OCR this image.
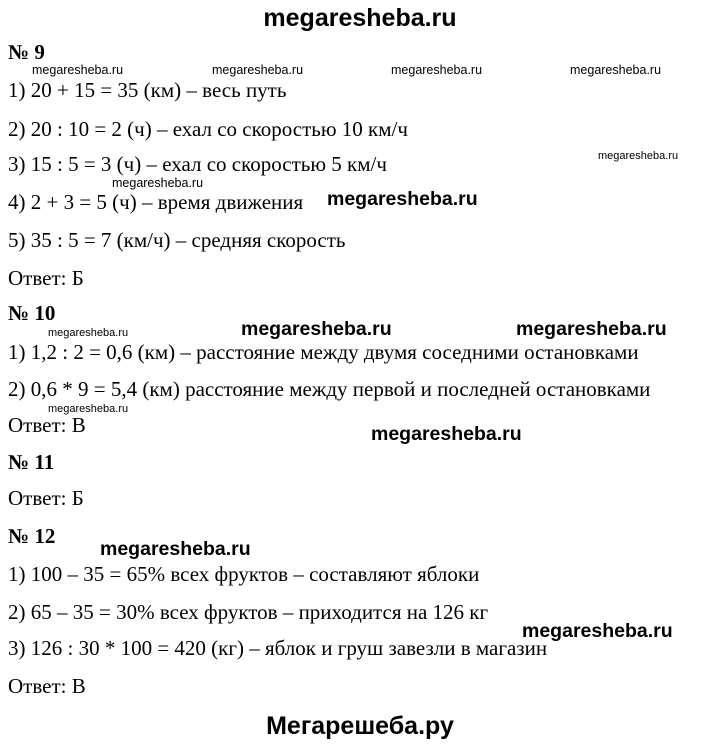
megaresheba.ru
№ 9
1) 20 + 15 = 35 (км) – весь путь
2) 20 : 10 = 2 (ч) – ехал со скоростью 10 км/ч
3) 15 : 5 = 3 (ч) – ехал со скоростью 5 км/ч
4) 2 + 3 = 5 (ч) – время движения
5) 35 : 5 = 7 (км/ч) – средняя скорость
Ответ: Б
№ 10
1) 1,2 : 2 = 0,6 (км) – расстояние между двумя соседними остановками
2) 0,6 * 9 = 5,4 (км) расстояние между первой и последней остановками
Ответ: В
№ 11
Ответ: Б
№ 12
1) 100 – 35 = 65% всех фруктов – составляют яблоки
2) 65 – 35 = 30% всех фруктов – приходится на 126 кг
3) 126 : 30 * 100 = 420 (кг) – яблок и груш завезли в магазин
Ответ: В
megaresheba.ru	megaresheba.ru	megaresheba.ru	megaresheba.ru
megaresheba.ru
megaresheba.ru
megaresheba.ru
megaresheba.ru	megaresheba.ru	megaresheba.ru
megaresheba.ru
megaresheba.ru
megaresheba.ru
megaresheba.ru
Мегарешеба.ру
